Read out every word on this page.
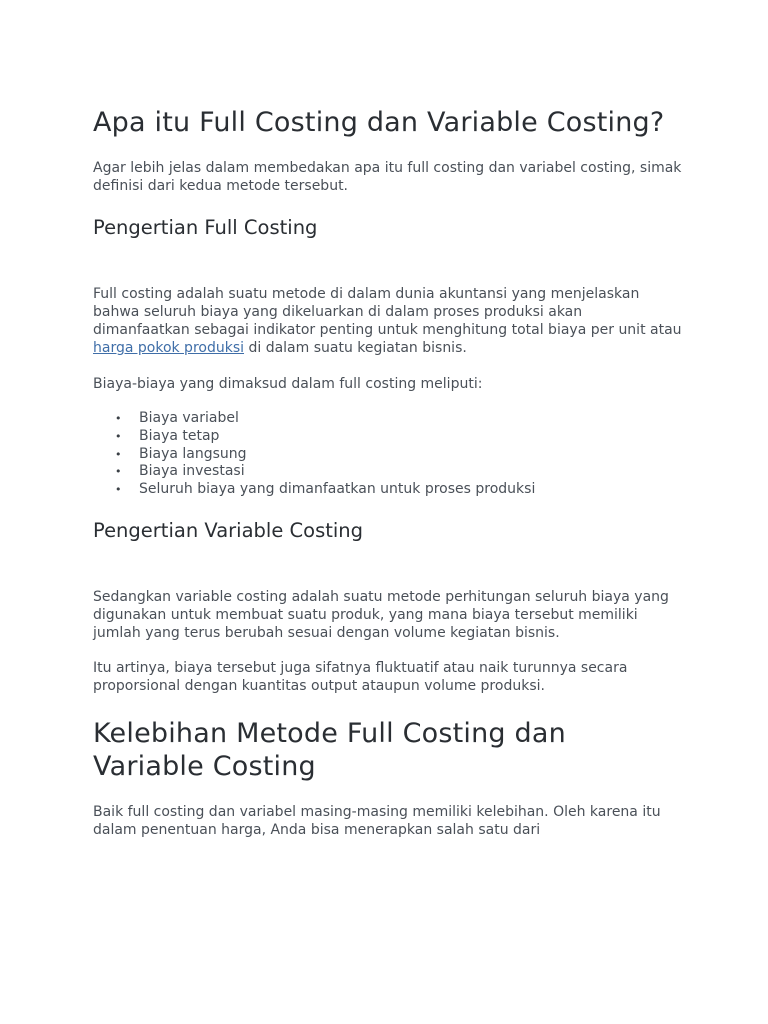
Apa itu Full Costing dan Variable Costing?

Agar lebih jelas dalam membedakan apa itu full costing dan variabel costing, simak definisi dari kedua metode tersebut.

Pengertian Full Costing

Full costing adalah suatu metode di dalam dunia akuntansi yang menjelaskan bahwa seluruh biaya yang dikeluarkan di dalam proses produksi akan dimanfaatkan sebagai indikator penting untuk menghitung total biaya per unit atau harga pokok produksi di dalam suatu kegiatan bisnis.

Biaya-biaya yang dimaksud dalam full costing meliputi:

• Biaya variabel
• Biaya tetap
• Biaya langsung
• Biaya investasi
• Seluruh biaya yang dimanfaatkan untuk proses produksi
Pengertian Variable Costing

Sedangkan variable costing adalah suatu metode perhitungan seluruh biaya yang digunakan untuk membuat suatu produk, yang mana biaya tersebut memiliki jumlah yang terus berubah sesuai dengan volume kegiatan bisnis.

Itu artinya, biaya tersebut juga sifatnya fluktuatif atau naik turunnya secara proporsional dengan kuantitas output ataupun volume produksi.

Kelebihan Metode Full Costing dan Variable Costing

Baik full costing dan variabel masing-masing memiliki kelebihan. Oleh karena itu dalam penentuan harga, Anda bisa menerapkan salah satu dari
